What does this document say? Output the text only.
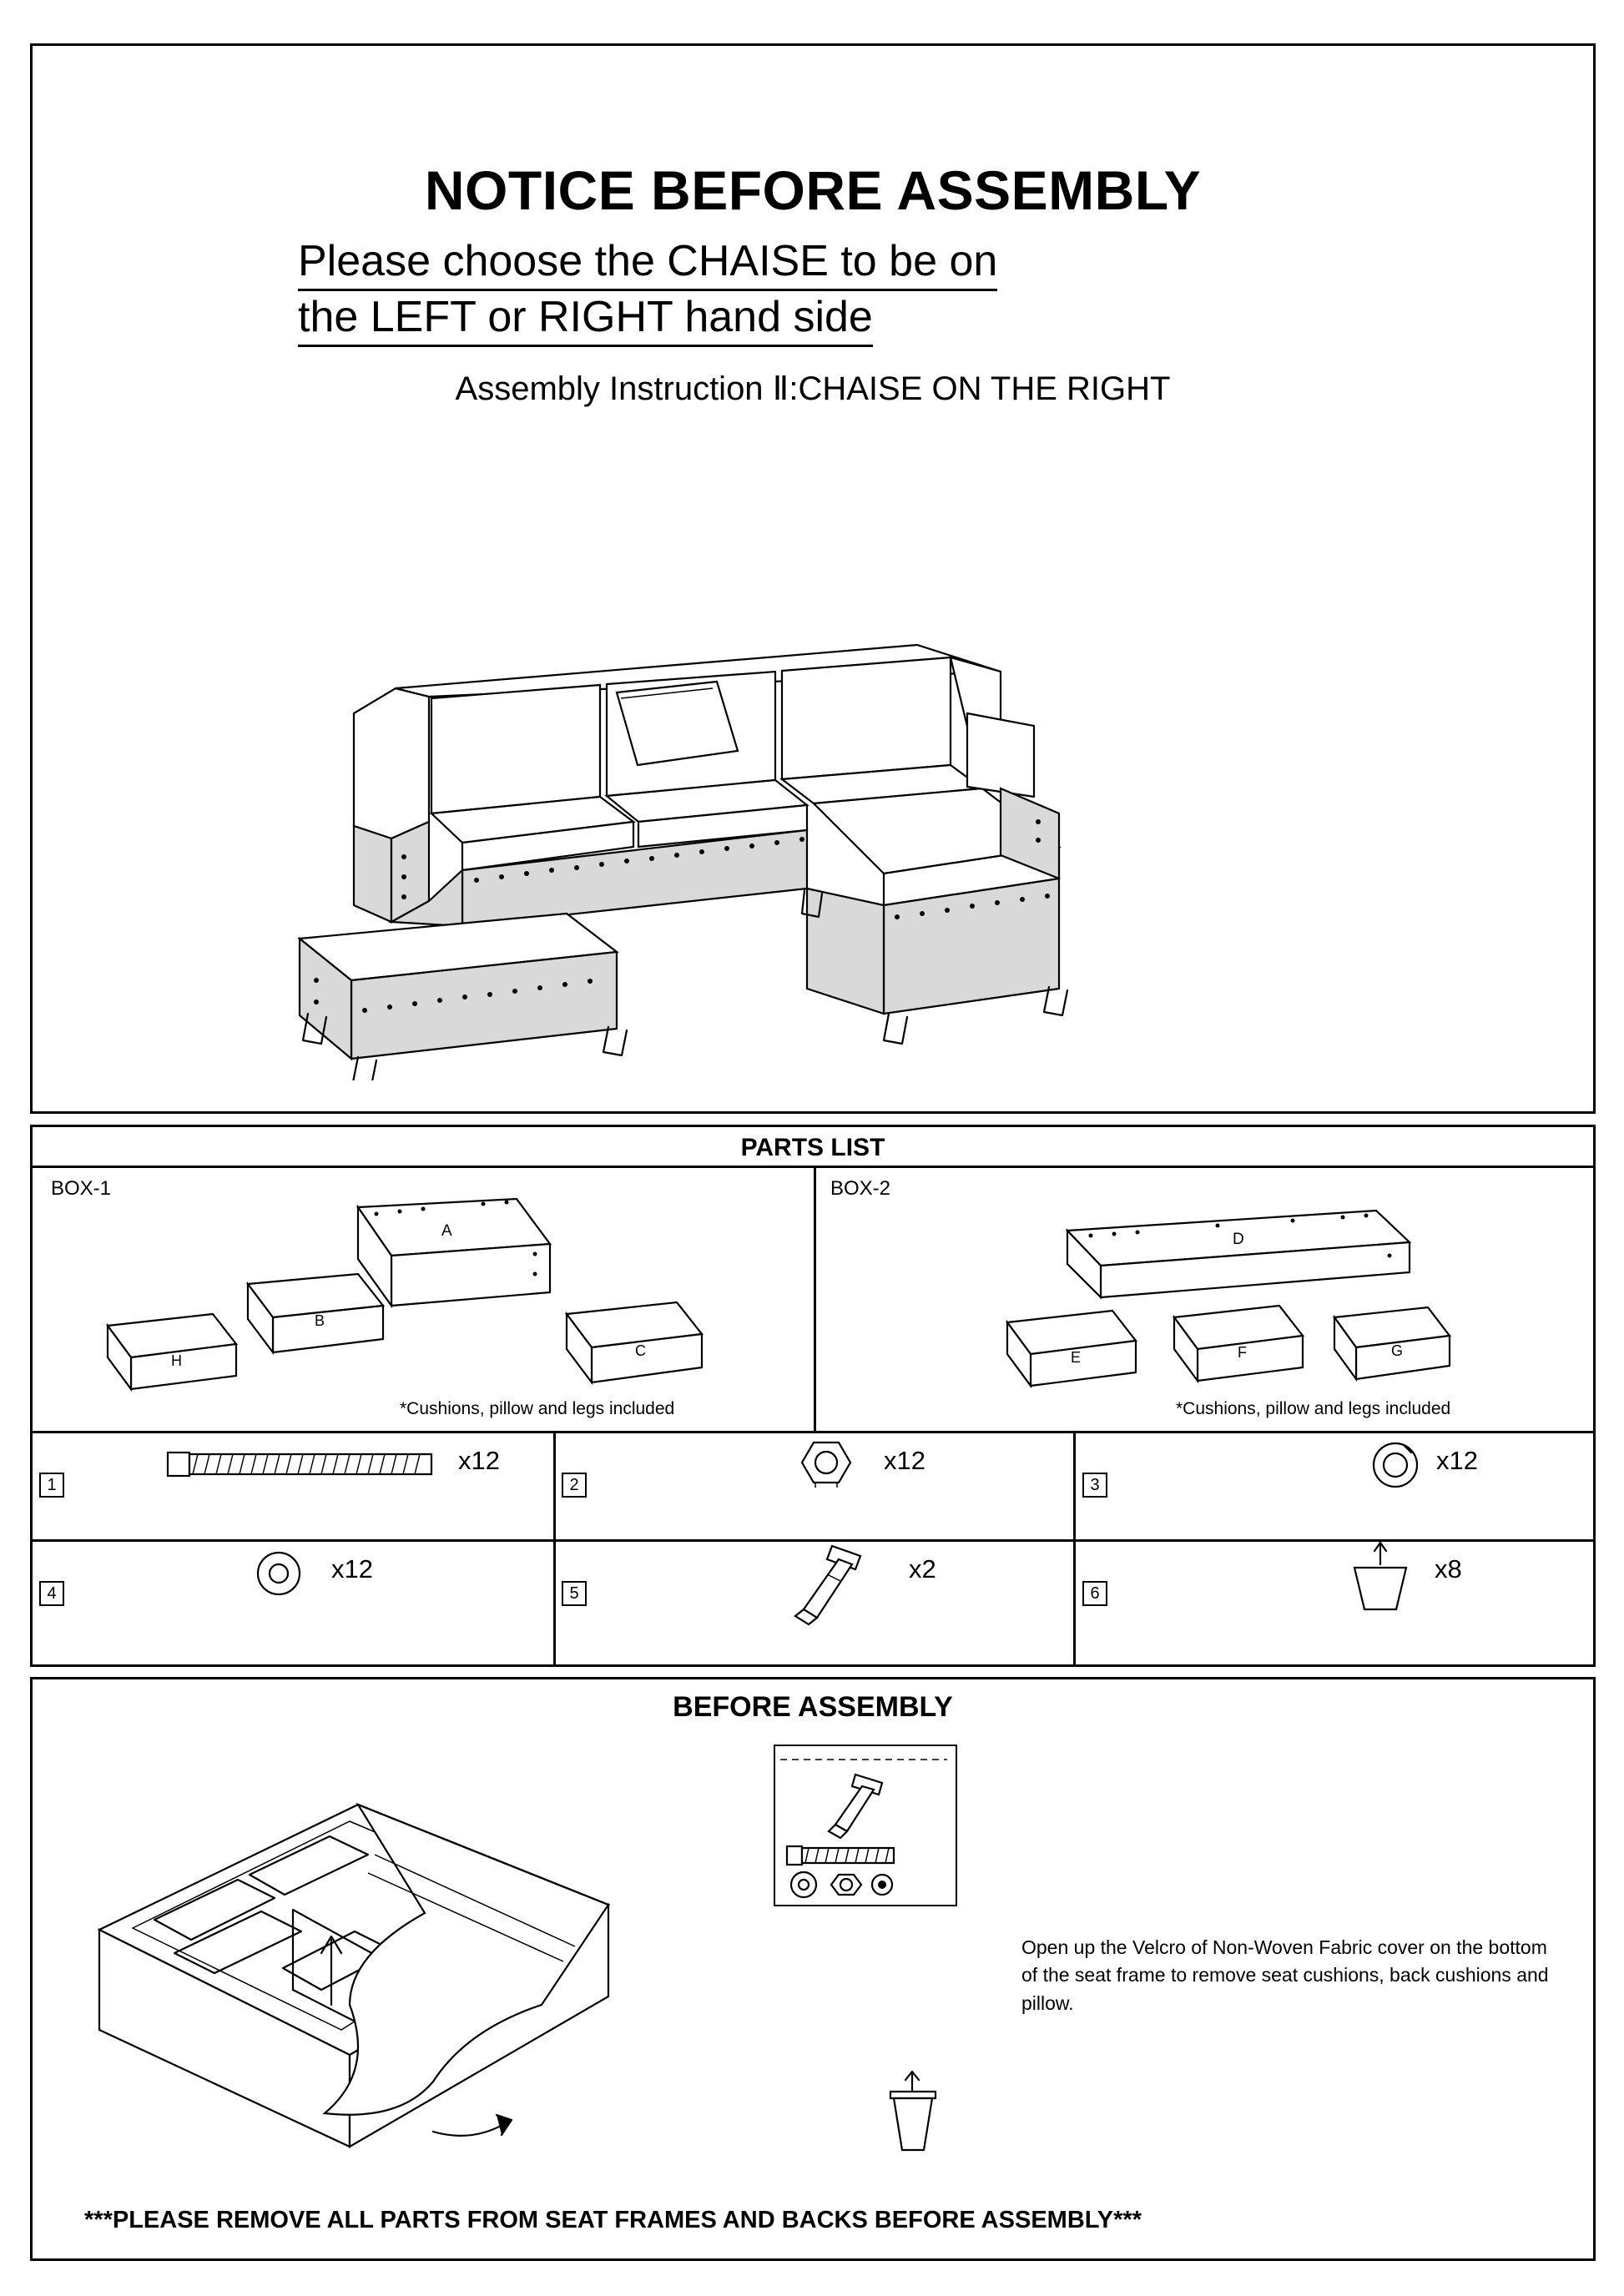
NOTICE BEFORE ASSEMBLY
Please choose the CHAISE to be on
the LEFT or RIGHT hand side
Assembly Instruction Ⅱ:CHAISE ON THE RIGHT
PARTS LIST
BOX-1
*Cushions, pillow and legs included
A
B
C
H
BOX-2
*Cushions, pillow and legs included
D
E	F	G
1
x12
2
x12
3
x12
4
x12
5
x2
6
x8
BEFORE ASSEMBLY
Open up the Velcro of Non-Woven Fabric cover on the bottom of the seat frame to remove seat cushions, back cushions and pillow.
***PLEASE REMOVE ALL PARTS FROM SEAT FRAMES AND BACKS BEFORE ASSEMBLY***
